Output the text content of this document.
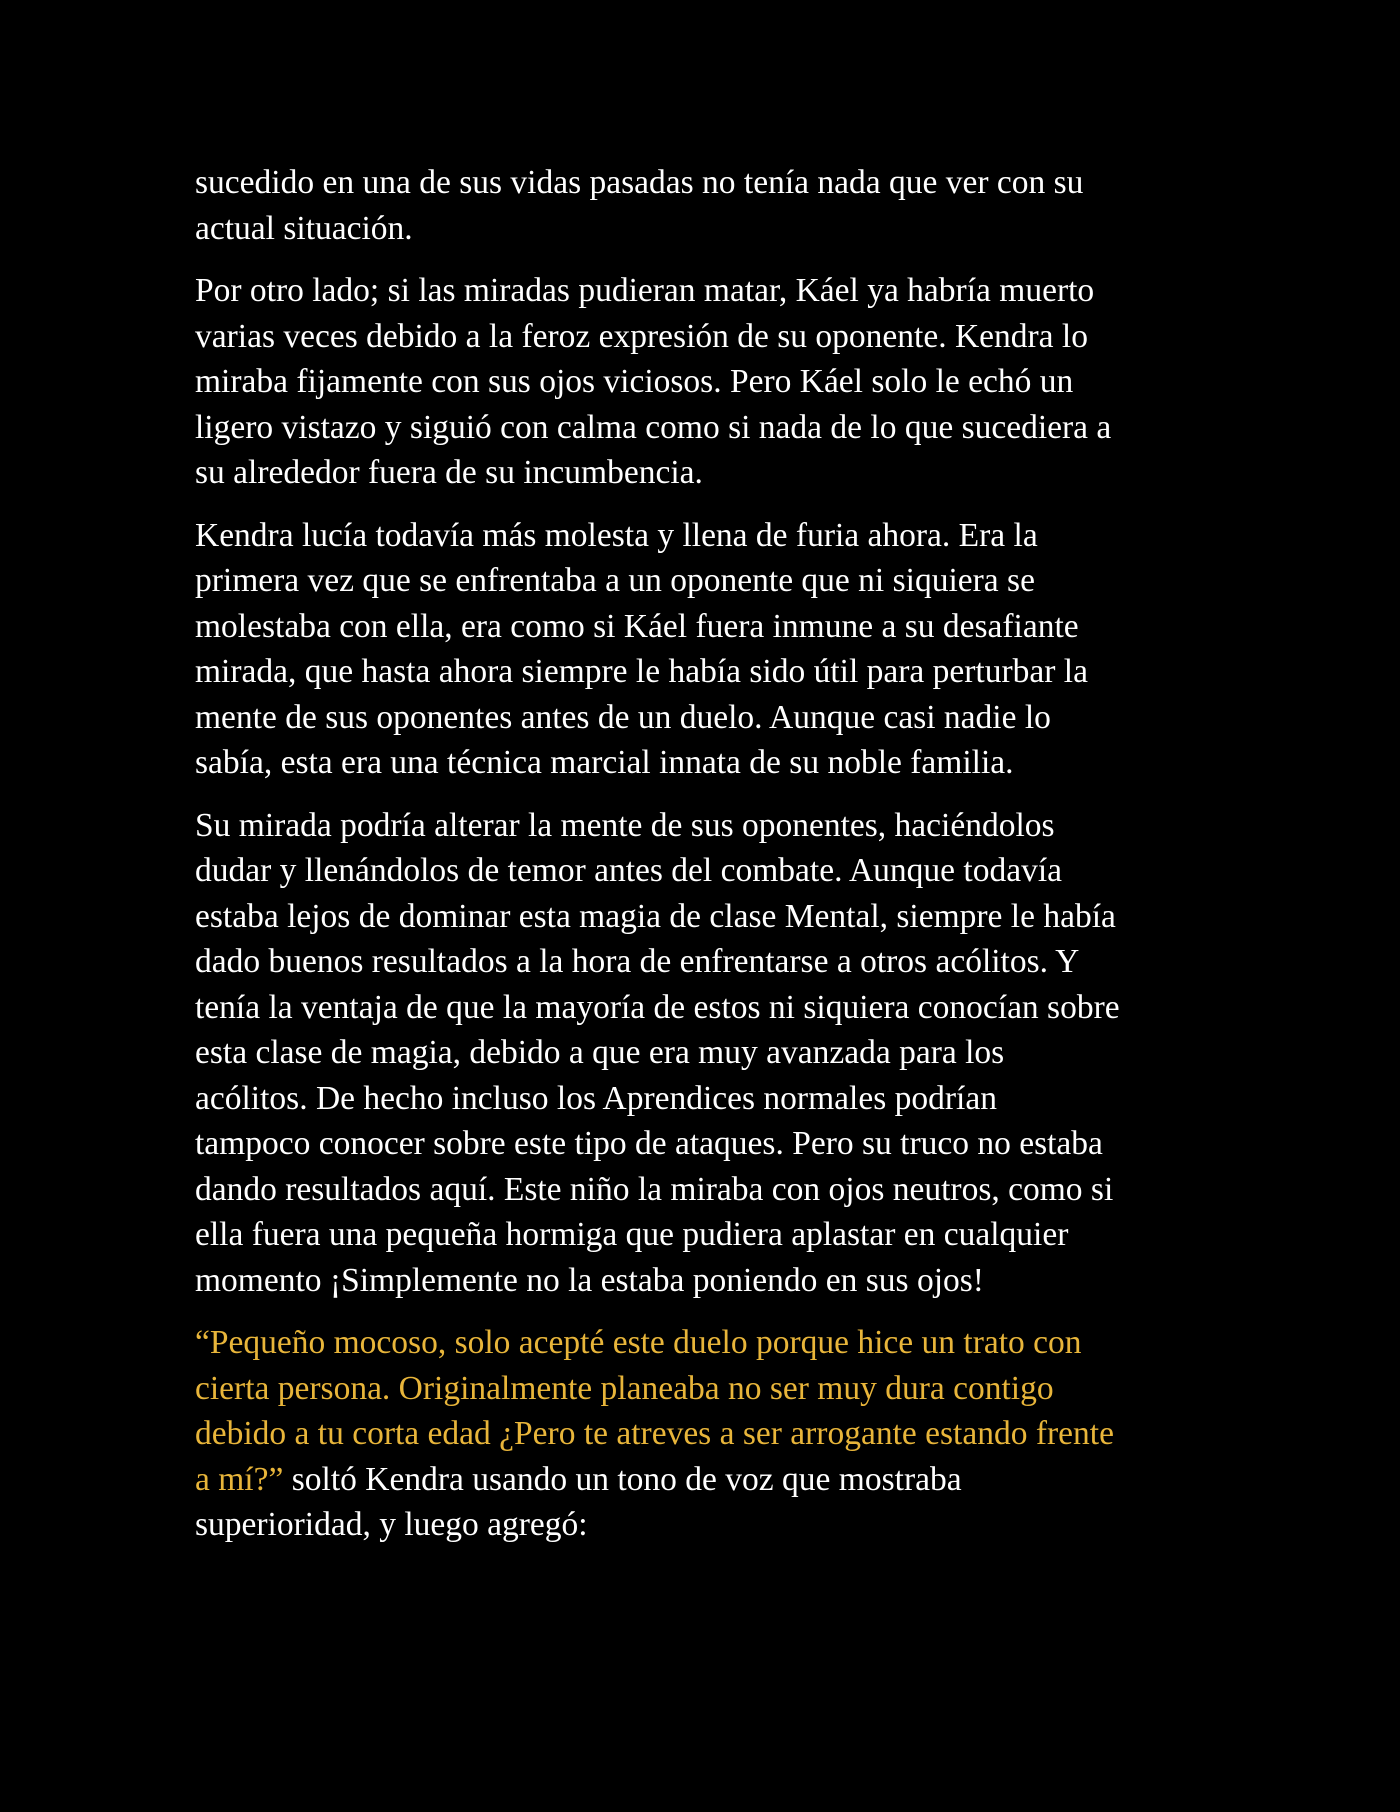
sucedido en una de sus vidas pasadas no tenía nada que ver con su
actual situación.

Por otro lado; si las miradas pudieran matar, Káel ya habría muerto
varias veces debido a la feroz expresión de su oponente. Kendra lo
miraba fijamente con sus ojos viciosos. Pero Káel solo le echó un
ligero vistazo y siguió con calma como si nada de lo que sucediera a
su alrededor fuera de su incumbencia.

Kendra lucía todavía más molesta y llena de furia ahora. Era la
primera vez que se enfrentaba a un oponente que ni siquiera se
molestaba con ella, era como si Káel fuera inmune a su desafiante
mirada, que hasta ahora siempre le había sido útil para perturbar la
mente de sus oponentes antes de un duelo. Aunque casi nadie lo
sabía, esta era una técnica marcial innata de su noble familia.

Su mirada podría alterar la mente de sus oponentes, haciéndolos
dudar y llenándolos de temor antes del combate. Aunque todavía
estaba lejos de dominar esta magia de clase Mental, siempre le había
dado buenos resultados a la hora de enfrentarse a otros acólitos. Y
tenía la ventaja de que la mayoría de estos ni siquiera conocían sobre
esta clase de magia, debido a que era muy avanzada para los
acólitos. De hecho incluso los Aprendices normales podrían
tampoco conocer sobre este tipo de ataques. Pero su truco no estaba
dando resultados aquí. Este niño la miraba con ojos neutros, como si
ella fuera una pequeña hormiga que pudiera aplastar en cualquier
momento ¡Simplemente no la estaba poniendo en sus ojos!

“Pequeño mocoso, solo acepté este duelo porque hice un trato con
cierta persona. Originalmente planeaba no ser muy dura contigo
debido a tu corta edad ¿Pero te atreves a ser arrogante estando frente
a mí?” soltó Kendra usando un tono de voz que mostraba
superioridad, y luego agregó:
